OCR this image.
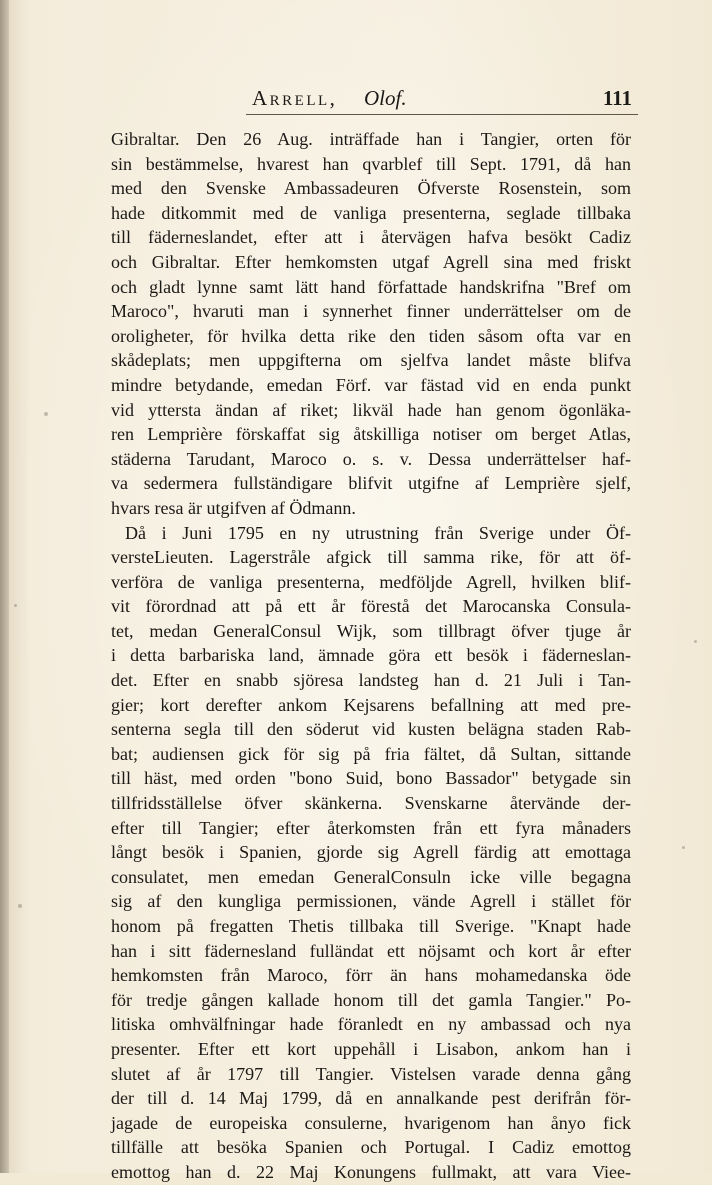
Arrell, Olof.	111
Gibraltar. Den 26 Aug. inträffade han i Tangier, orten för
sin bestämmelse, hvarest han qvarblef till Sept. 1791, då han
med den Svenske Ambassadeuren Öfverste Rosenstein, som
hade ditkommit med de vanliga presenterna, seglade tillbaka
till fäderneslandet, efter att i återvägen hafva besökt Cadiz
och Gibraltar. Efter hemkomsten utgaf Agrell sina med friskt
och gladt lynne samt lätt hand författade handskrifna "Bref om
Maroco", hvaruti man i synnerhet finner underrättelser om de
oroligheter, för hvilka detta rike den tiden såsom ofta var en
skådeplats; men uppgifterna om sjelfva landet måste blifva
mindre betydande, emedan Förf. var fästad vid en enda punkt
vid yttersta ändan af riket; likväl hade han genom ögonläka-
ren Lemprière förskaffat sig åtskilliga notiser om berget Atlas,
städerna Tarudant, Maroco o. s. v. Dessa underrättelser haf-
va sedermera fullständigare blifvit utgifne af Lemprière sjelf,
hvars resa är utgifven af Ödmann.
Då i Juni 1795 en ny utrustning från Sverige under Öf-
versteLieuten. Lagerstråle afgick till samma rike, för att öf-
verföra de vanliga presenterna, medföljde Agrell, hvilken blif-
vit förordnad att på ett år förestå det Marocanska Consula-
tet, medan GeneralConsul Wijk, som tillbragt öfver tjuge år
i detta barbariska land, ämnade göra ett besök i fäderneslan-
det. Efter en snabb sjöresa landsteg han d. 21 Juli i Tan-
gier; kort derefter ankom Kejsarens befallning att med pre-
senterna segla till den söderut vid kusten belägna staden Rab-
bat; audiensen gick för sig på fria fältet, då Sultan, sittande
till häst, med orden "bono Suid, bono Bassador" betygade sin
tillfridsställelse öfver skänkerna. Svenskarne återvände der-
efter till Tangier; efter återkomsten från ett fyra månaders
långt besök i Spanien, gjorde sig Agrell färdig att emottaga
consulatet, men emedan GeneralConsuln icke ville begagna
sig af den kungliga permissionen, vände Agrell i stället för
honom på fregatten Thetis tillbaka till Sverige. "Knapt hade
han i sitt fädernesland fulländat ett nöjsamt och kort år efter
hemkomsten från Maroco, förr än hans mohamedanska öde
för tredje gången kallade honom till det gamla Tangier." Po-
litiska omhvälfningar hade föranledt en ny ambassad och nya
presenter. Efter ett kort uppehåll i Lisabon, ankom han i
slutet af år 1797 till Tangier. Vistelsen varade denna gång
der till d. 14 Maj 1799, då en annalkande pest derifrån för-
jagade de europeiska consulerne, hvarigenom han ånyo fick
tillfälle att besöka Spanien och Portugal. I Cadiz emottog
emottog han d. 22 Maj Konungens fullmakt, att vara Viee-
